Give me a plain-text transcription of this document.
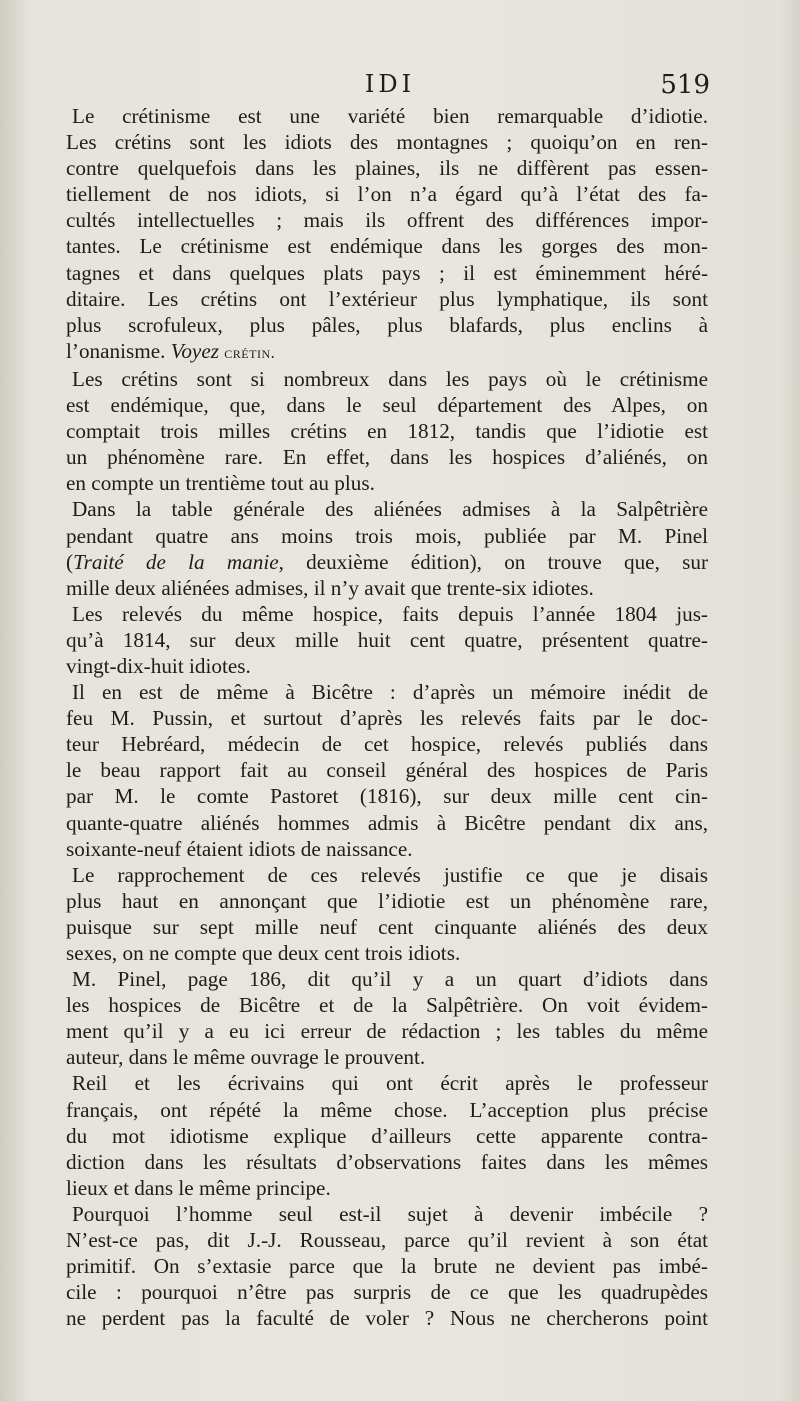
IDI	519

Le crétinisme est une variété bien remarquable d’idiotie.
Les crétins sont les idiots des montagnes ; quoiqu’on en ren-
contre quelquefois dans les plaines, ils ne diffèrent pas essen-
tiellement de nos idiots, si l’on n’a égard qu’à l’état des fa-
cultés intellectuelles ; mais ils offrent des différences impor-
tantes. Le crétinisme est endémique dans les gorges des mon-
tagnes et dans quelques plats pays ; il est éminemment héré-
ditaire. Les crétins ont l’extérieur plus lymphatique, ils sont
plus scrofuleux, plus pâles, plus blafards, plus enclins à
l’onanisme. Voyez crétin.

Les crétins sont si nombreux dans les pays où le crétinisme
est endémique, que, dans le seul département des Alpes, on
comptait trois milles crétins en 1812, tandis que l’idiotie est
un phénomène rare. En effet, dans les hospices d’aliénés, on
en compte un trentième tout au plus.

Dans la table générale des aliénées admises à la Salpêtrière
pendant quatre ans moins trois mois, publiée par M. Pinel
(Traité de la manie, deuxième édition), on trouve que, sur
mille deux aliénées admises, il n’y avait que trente-six idiotes.

Les relevés du même hospice, faits depuis l’année 1804 jus-
qu’à 1814, sur deux mille huit cent quatre, présentent quatre-
vingt-dix-huit idiotes.

Il en est de même à Bicêtre : d’après un mémoire inédit de
feu M. Pussin, et surtout d’après les relevés faits par le doc-
teur Hebréard, médecin de cet hospice, relevés publiés dans
le beau rapport fait au conseil général des hospices de Paris
par M. le comte Pastoret (1816), sur deux mille cent cin-
quante-quatre aliénés hommes admis à Bicêtre pendant dix ans,
soixante-neuf étaient idiots de naissance.

Le rapprochement de ces relevés justifie ce que je disais
plus haut en annonçant que l’idiotie est un phénomène rare,
puisque sur sept mille neuf cent cinquante aliénés des deux
sexes, on ne compte que deux cent trois idiots.

M. Pinel, page 186, dit qu’il y a un quart d’idiots dans
les hospices de Bicêtre et de la Salpêtrière. On voit évidem-
ment qu’il y a eu ici erreur de rédaction ; les tables du même
auteur, dans le même ouvrage le prouvent.

Reil et les écrivains qui ont écrit après le professeur
français, ont répété la même chose. L’acception plus précise
du mot idiotisme explique d’ailleurs cette apparente contra-
diction dans les résultats d’observations faites dans les mêmes
lieux et dans le même principe.

Pourquoi l’homme seul est-il sujet à devenir imbécile ?
N’est-ce pas, dit J.-J. Rousseau, parce qu’il revient à son état
primitif. On s’extasie parce que la brute ne devient pas imbé-
cile : pourquoi n’être pas surpris de ce que les quadrupèdes
ne perdent pas la faculté de voler ? Nous ne chercherons point
